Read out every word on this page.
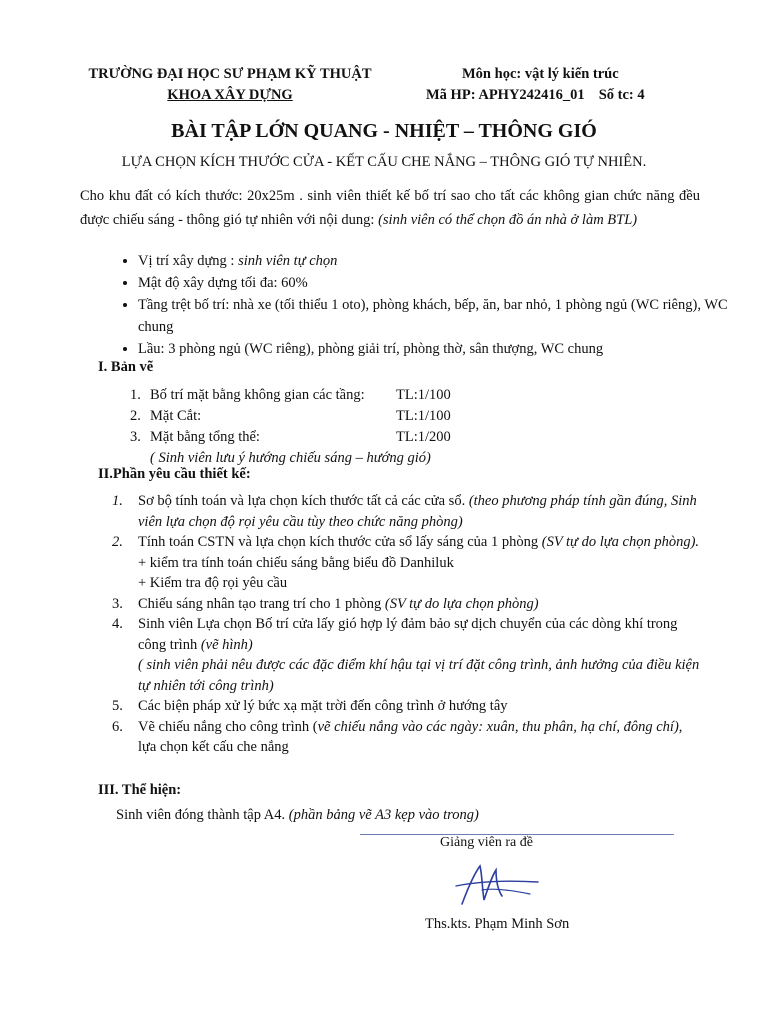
TRƯỜNG ĐẠI HỌC SƯ PHẠM KỸ THUẬT
KHOA XÂY DỰNG
Môn học: vật lý kiến trúc
Mã HP: APHY242416_01 Số tc: 4
BÀI TẬP LỚN QUANG - NHIỆT – THÔNG GIÓ
LỰA CHỌN KÍCH THƯỚC CỬA - KẾT CẤU CHE NẮNG – THÔNG GIÓ TỰ NHIÊN.
Cho khu đất có kích thước: 20x25m . sinh viên thiết kế bố trí sao cho tất các không gian chức năng đều được chiếu sáng - thông gió tự nhiên với nội dung: (sinh viên có thể chọn đồ án nhà ở làm BTL)
• Vị trí xây dựng : sinh viên tự chọn
• Mật độ xây dựng tối đa: 60%
• Tầng trệt bố trí: nhà xe (tối thiểu 1 oto), phòng khách, bếp, ăn, bar nhỏ, 1 phòng ngủ (WC riêng), WC chung
• Lầu: 3 phòng ngủ (WC riêng), phòng giải trí, phòng thờ, sân thượng, WC chung
I. Bản vẽ
1. Bố trí mặt bằng không gian các tầng:	TL:1/100
2. Mặt Cắt:	TL:1/100
3. Mặt bằng tổng thể:	TL:1/200
( Sinh viên lưu ý hướng chiếu sáng – hướng gió)
II.Phần yêu cầu thiết kế:
1.	Sơ bộ tính toán và lựa chọn kích thước tất cả các cửa sổ. (theo phương pháp tính gần đúng, Sinh viên lựa chọn độ rọi yêu cầu tùy theo chức năng phòng)
2.	Tính toán CSTN và lựa chọn kích thước cửa sổ lấy sáng của 1 phòng (SV tự do lựa chọn phòng).
+ kiểm tra tính toán chiếu sáng bằng biểu đồ Danhiluk
+ Kiểm tra độ rọi yêu cầu
3.	Chiếu sáng nhân tạo trang trí cho 1 phòng (SV tự do lựa chọn phòng)
4.	Sinh viên Lựa chọn Bố trí cửa lấy gió hợp lý đảm bảo sự dịch chuyển của các dòng khí trong công trình (vẽ hình)
( sinh viên phải nêu được các đặc điểm khí hậu tại vị trí đặt công trình, ảnh hưởng của điều kiện tự nhiên tới công trình)
5.	Các biện pháp xử lý bức xạ mặt trời đến công trình ở hướng tây
6.	Vẽ chiếu nắng cho công trình (vẽ chiếu nắng vào các ngày: xuân, thu phân, hạ chí, đông chí), lựa chọn kết cấu che nắng
III. Thể hiện:
Sinh viên đóng thành tập A4. (phần bảng vẽ A3 kẹp vào trong)
Giảng viên ra đề
Ths.kts. Phạm Minh Sơn
